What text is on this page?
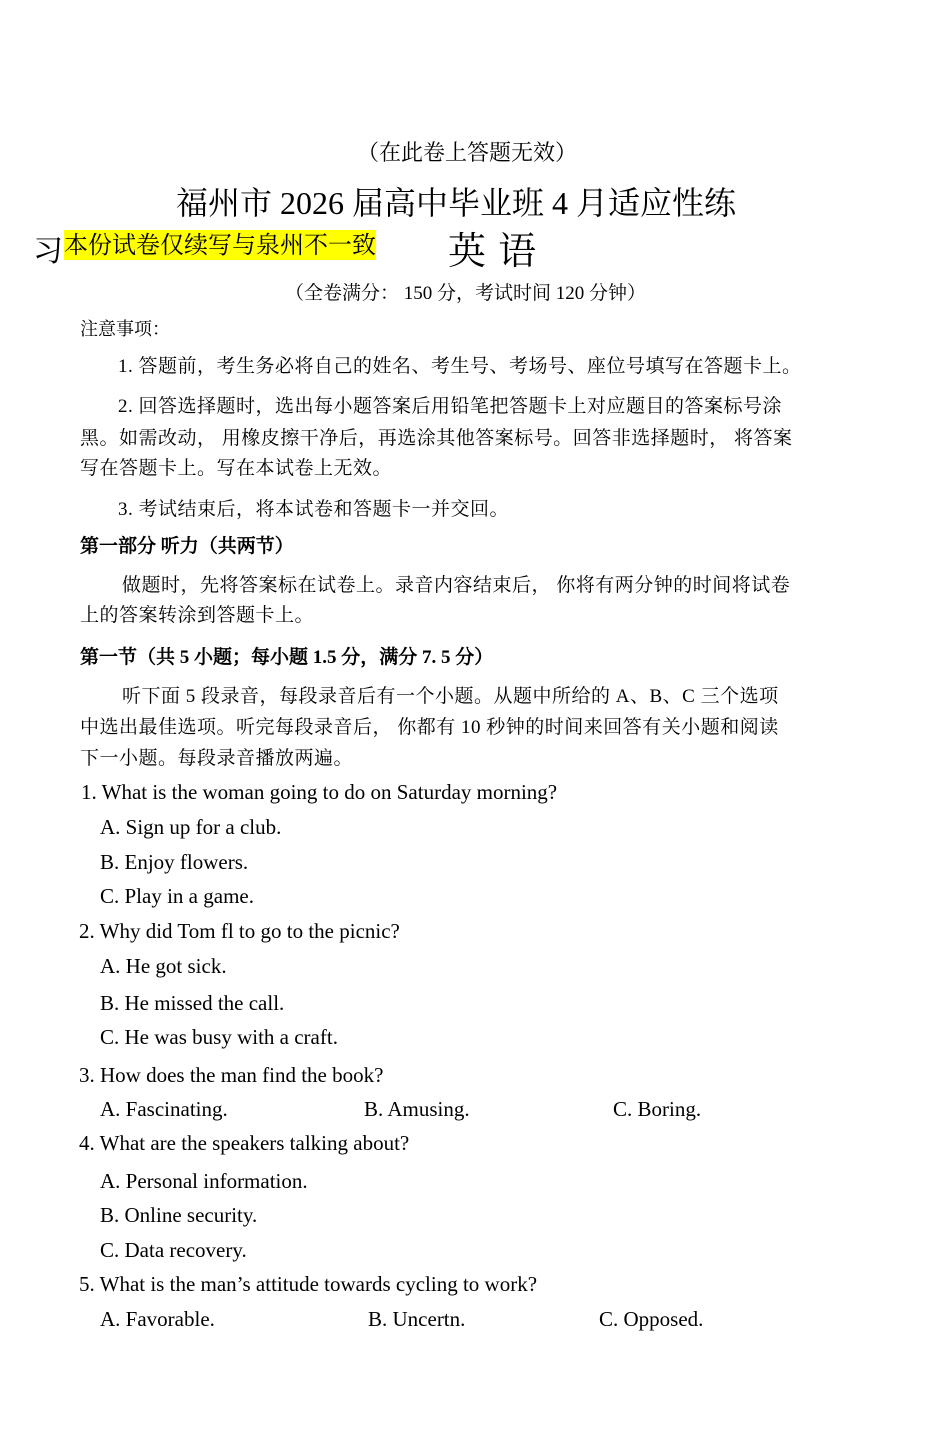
（在此卷上答题无效）
福州市 2026 届高中毕业班 4 月适应性练
习 本份试卷仅续写与泉州不一致 英 语
（全卷满分： 150 分，考试时间 120 分钟）
注意事项：
1. 答题前，考生务必将自己的姓名、考生号、考场号、座位号填写在答题卡上。
2. 回答选择题时，选出每小题答案后用铅笔把答题卡上对应题目的答案标号涂
黑。如需改动， 用橡皮擦干净后，再选涂其他答案标号。回答非选择题时， 将答案
写在答题卡上。写在本试卷上无效。
3. 考试结束后，将本试卷和答题卡一并交回。
第一部分 听力（共两节）
做题时，先将答案标在试卷上。录音内容结束后， 你将有两分钟的时间将试卷
上的答案转涂到答题卡上。
第一节（共 5 小题；每小题 1.5 分，满分 7. 5 分）
听下面 5 段录音，每段录音后有一个小题。从题中所给的 A、B、C 三个选项
中选出最佳选项。听完每段录音后， 你都有 10 秒钟的时间来回答有关小题和阅读
下一小题。每段录音播放两遍。
1. What is the woman going to do on Saturday morning?
A. Sign up for a club.
B. Enjoy flowers.
C. Play in a game.
2. Why did Tom fl to go to the picnic?
A. He got sick.
B. He missed the call.
C. He was busy with a craft.
3. How does the man find the book?
A. Fascinating.	B. Amusing.	C. Boring.
4. What are the speakers talking about?
A. Personal information.
B. Online security.
C. Data recovery.
5. What is the man’s attitude towards cycling to work?
A. Favorable.	B. Uncertn.	C. Opposed.
